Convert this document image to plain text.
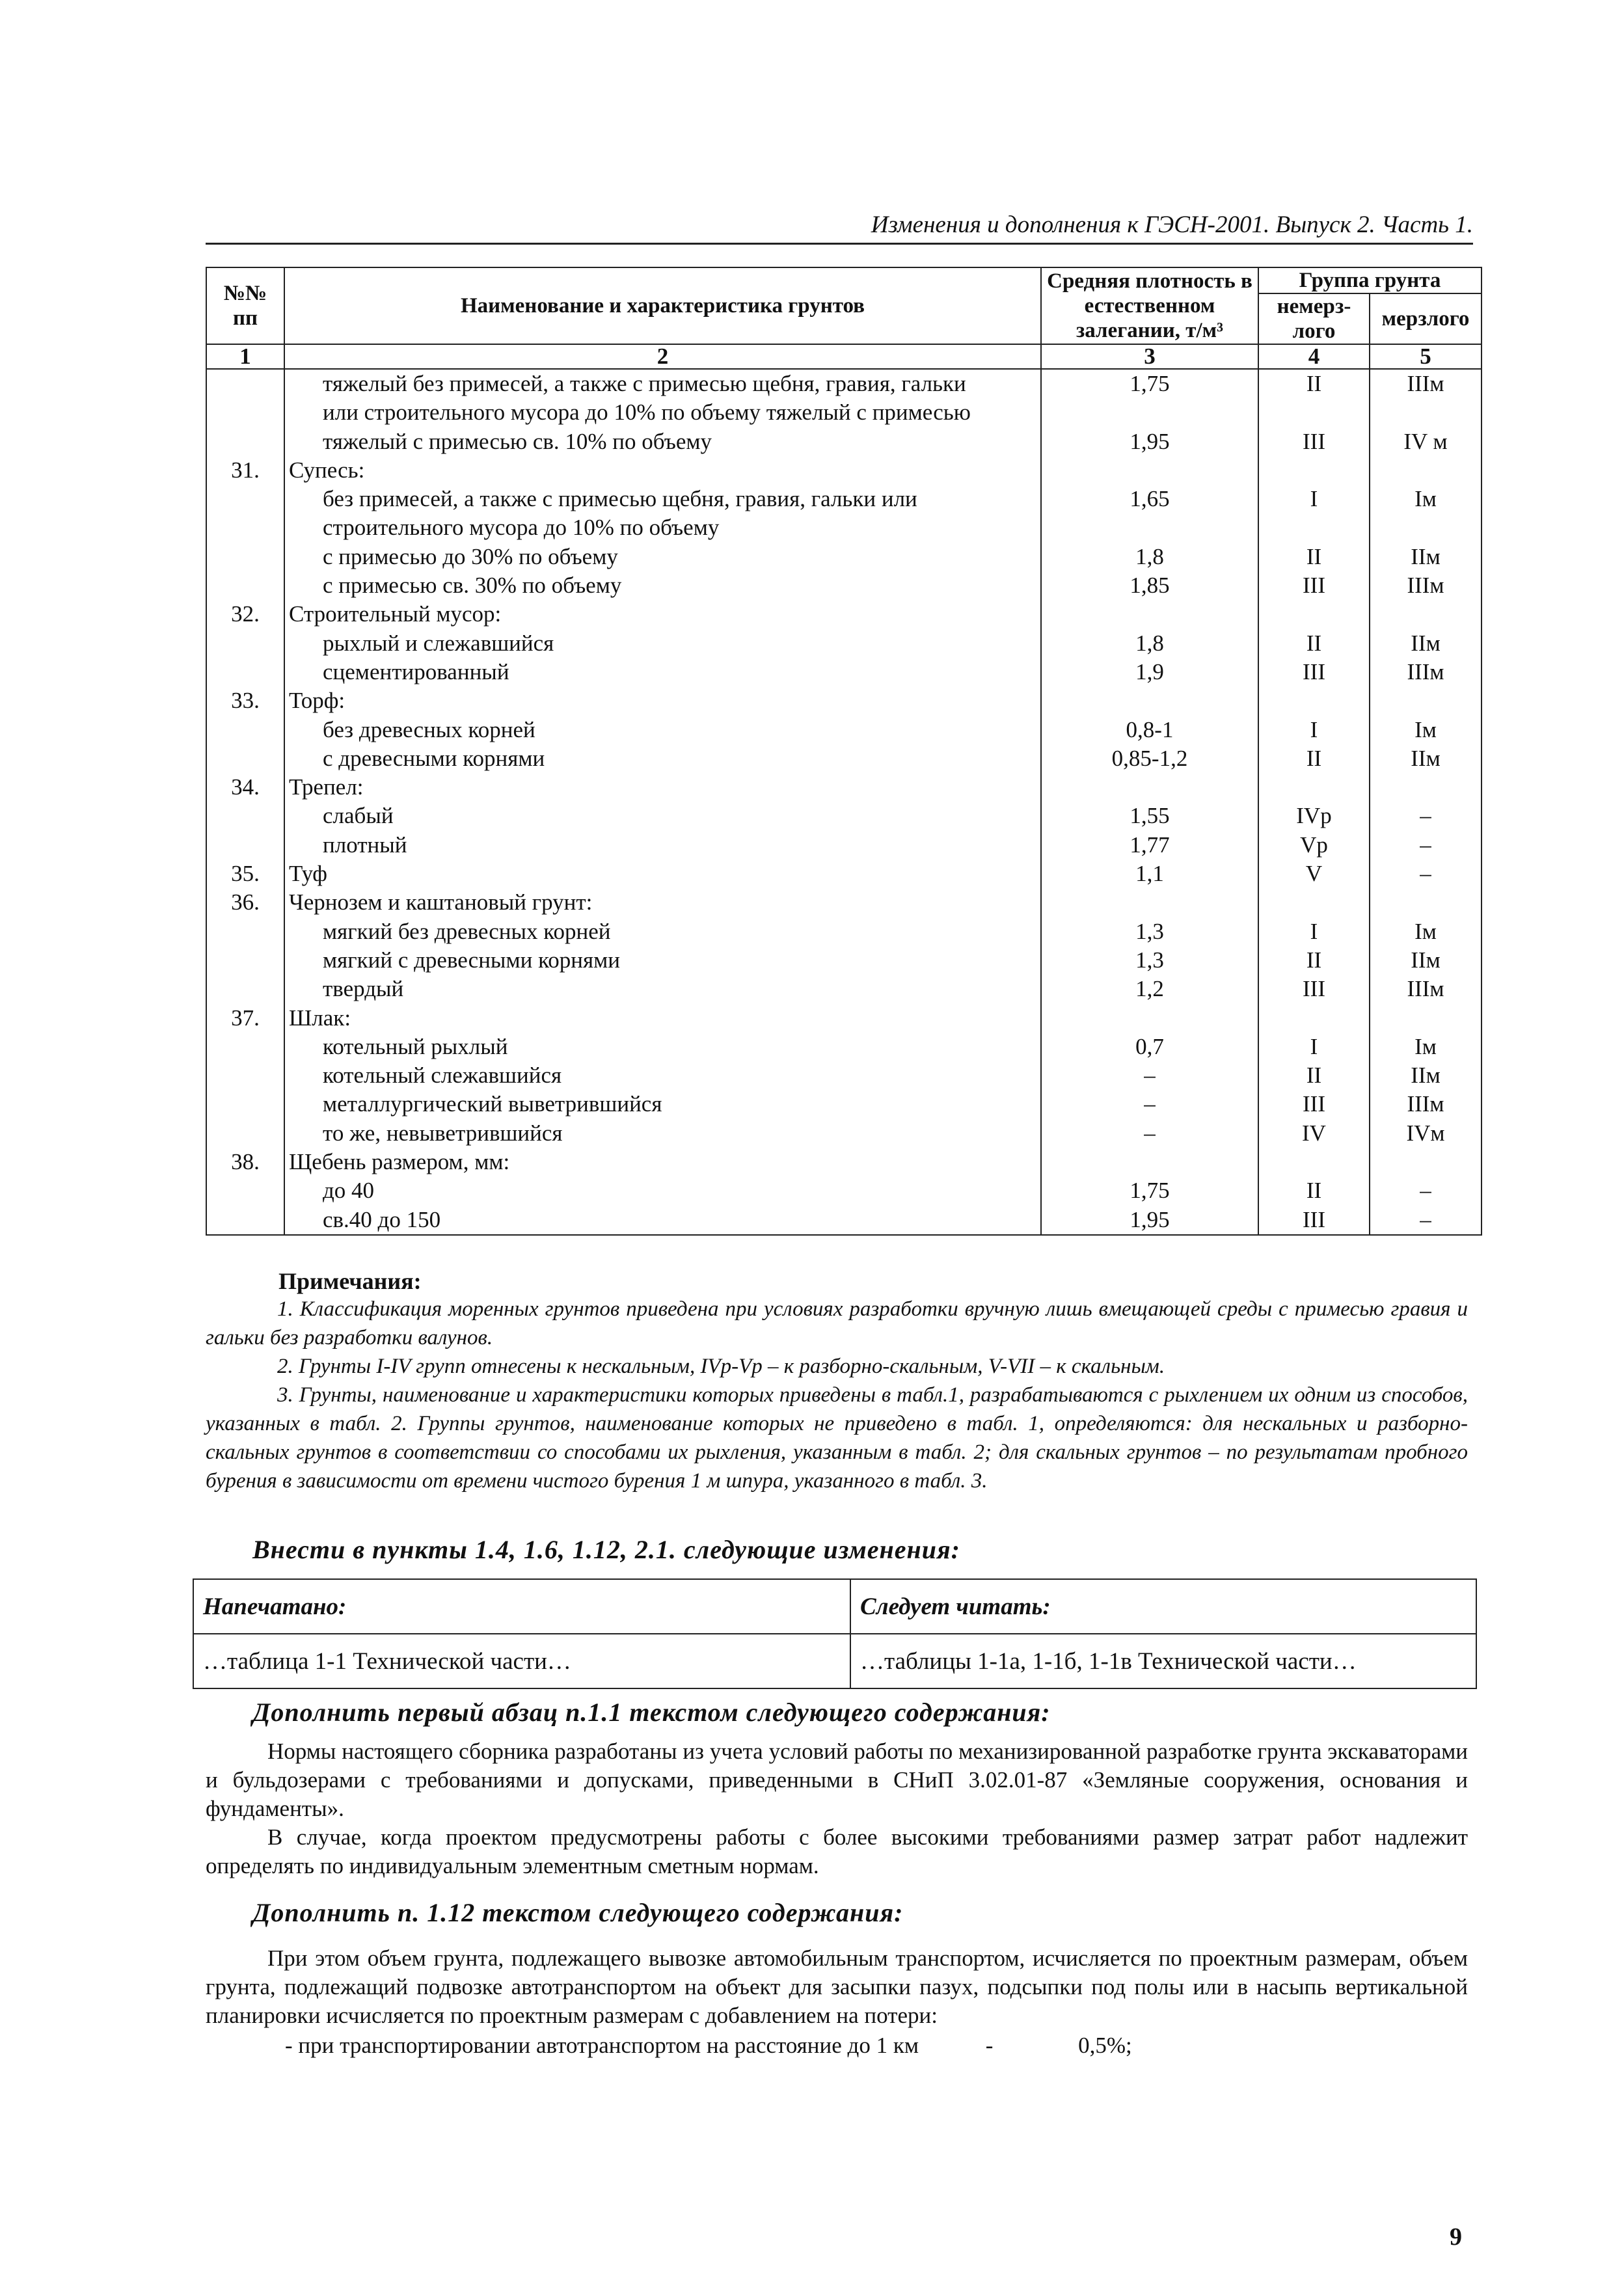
Изменения и дополнения к ГЭСН-2001. Выпуск 2. Часть 1.
№№ пп	Наименование и характеристика грунтов	Средняя плотность в естественном залегании, т/м³	Группа грунта	
			немерз-лого	мерзлого
1	2	3	4	5
	тяжелый без примесей, а также с примесью щебня, гравия, гальки	1,75	II	IIIм
	или строительного мусора до 10% по объему тяжелый с примесью			
	тяжелый с примесью св. 10% по объему	1,95	III	IV м
31.	Супесь:			
	без примесей, а также с примесью щебня, гравия, гальки или	1,65	I	Iм
	строительного мусора до 10% по объему			
	с примесью до 30% по объему	1,8	II	IIм
	с примесью св. 30% по объему	1,85	III	IIIм
32.	Строительный мусор:			
	рыхлый и слежавшийся	1,8	II	IIм
	сцементированный	1,9	III	IIIм
33.	Торф:			
	без древесных корней	0,8-1	I	Iм
	с древесными корнями	0,85-1,2	II	IIм
34.	Трепел:			
	слабый	1,55	IVр	–
	плотный	1,77	Vр	–
35.	Туф	1,1	V	–
36.	Чернозем и каштановый грунт:			
	мягкий без древесных корней	1,3	I	Iм
	мягкий с древесными корнями	1,3	II	IIм
	твердый	1,2	III	IIIм
37.	Шлак:			
	котельный рыхлый	0,7	I	Iм
	котельный слежавшийся	–	II	IIм
	металлургический выветрившийся	–	III	IIIм
	то же, невыветрившийся	–	IV	IVм
38.	Щебень размером, мм:			
	до 40	1,75	II	–
	св.40 до 150	1,95	III	–
Примечания:

1. Классификация моренных грунтов приведена при условиях разработки вручную лишь вмещающей среды с примесью гравия и гальки без разработки валунов.

2. Грунты I-IV групп отнесены к нескальным, IVр-Vр – к разборно-скальным, V-VII – к скальным.

3. Грунты, наименование и характеристики которых приведены в табл.1, разрабатываются с рыхлением их одним из способов, указанных в табл. 2. Группы грунтов, наименование которых не приведено в табл. 1, определяются: для нескальных и разборно-скальных грунтов в соответствии со способами их рыхления, указанным в табл. 2; для скальных грунтов – по результатам пробного бурения в зависимости от времени чистого бурения 1 м шпура, указанного в табл. 3.

Внести в пункты 1.4, 1.6, 1.12, 2.1. следующие изменения:
Напечатано:	Следует читать:
…таблица 1-1 Технической части…	…таблицы 1-1а, 1-1б, 1-1в Технической части…
Дополнить первый абзац п.1.1 текстом следующего содержания:

Нормы настоящего сборника разработаны из учета условий работы по механизированной разработке грунта экскаваторами и бульдозерами с требованиями и допусками, приведенными в СНиП 3.02.01-87 «Земляные сооружения, основания и фундаменты».

В случае, когда проектом предусмотрены работы с более высокими требованиями размер затрат работ надлежит определять по индивидуальным элементным сметным нормам.

Дополнить п. 1.12 текстом следующего содержания:

При этом объем грунта, подлежащего вывозке автомобильным транспортом, исчисляется по проектным размерам, объем грунта, подлежащий подвозке автотранспортом на объект для засыпки пазух, подсыпки под полы или в насыпь вертикальной планировки исчисляется по проектным размерам с добавлением на потери:

- при транспортировании автотранспортом на расстояние до 1 км	-	0,5%;
9
